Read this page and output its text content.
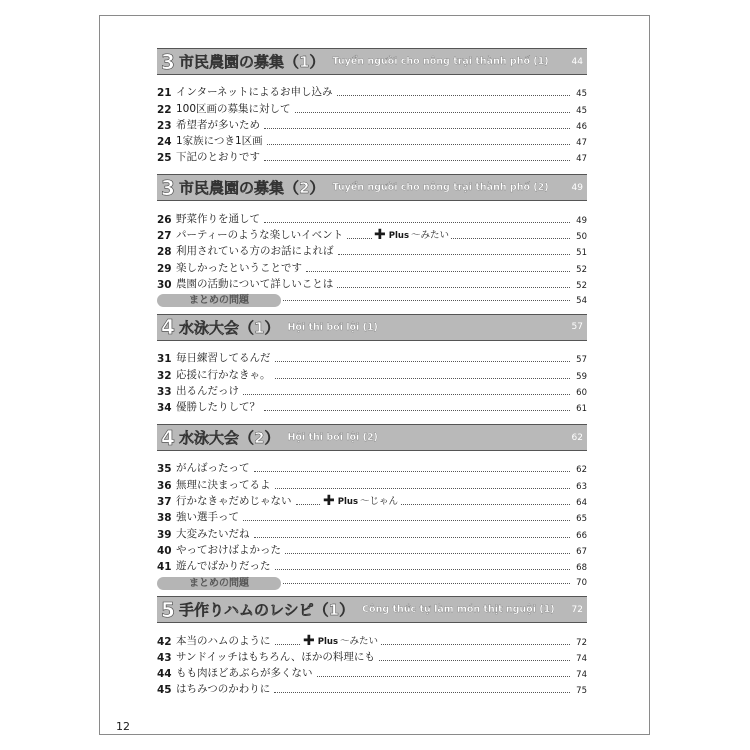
3 市民農園の募集（1） Tuyển người cho nông trại thành phố (1)	44
21 インターネットによるお申し込み	45
22 100区画の募集に対して	45
23 希望者が多いため	46
24 1家族につき1区画	47
25 下記のとおりです	47
3 市民農園の募集（2） Tuyển người cho nông trại thành phố (2)	49
26 野菜作りを通して	49
27 パーティーのような楽しいイベント	50
✚ Plus 〜みたい
28 利用されている方のお話によれば	51
29 楽しかったということです	52
30 農園の活動について詳しいことは	52
まとめの問題	54
4 水泳大会（1） Hội thi bơi lội (1)	57
31 毎日練習してるんだ	57
32 応援に行かなきゃ。	59
33 出るんだっけ	60
34 優勝したりして？	61
4 水泳大会（2） Hội thi bơi lội (2)	62
35 がんばったって	62
36 無理に決まってるよ	63
37 行かなきゃだめじゃない	64
✚ Plus 〜じゃん
38 強い選手って	65
39 大変みたいだね	66
40 やっておけばよかった	67
41 遊んでばかりだった	68
まとめの問題	70
5 手作りハムのレシピ（1） Công thức tự làm món thịt nguội (1) 72
42 本当のハムのように	72
✚ Plus 〜みたい
43 サンドイッチはもちろん、ほかの料理にも	74
44 もも肉ほどあぶらが多くない	74
45 はちみつのかわりに	75
12
